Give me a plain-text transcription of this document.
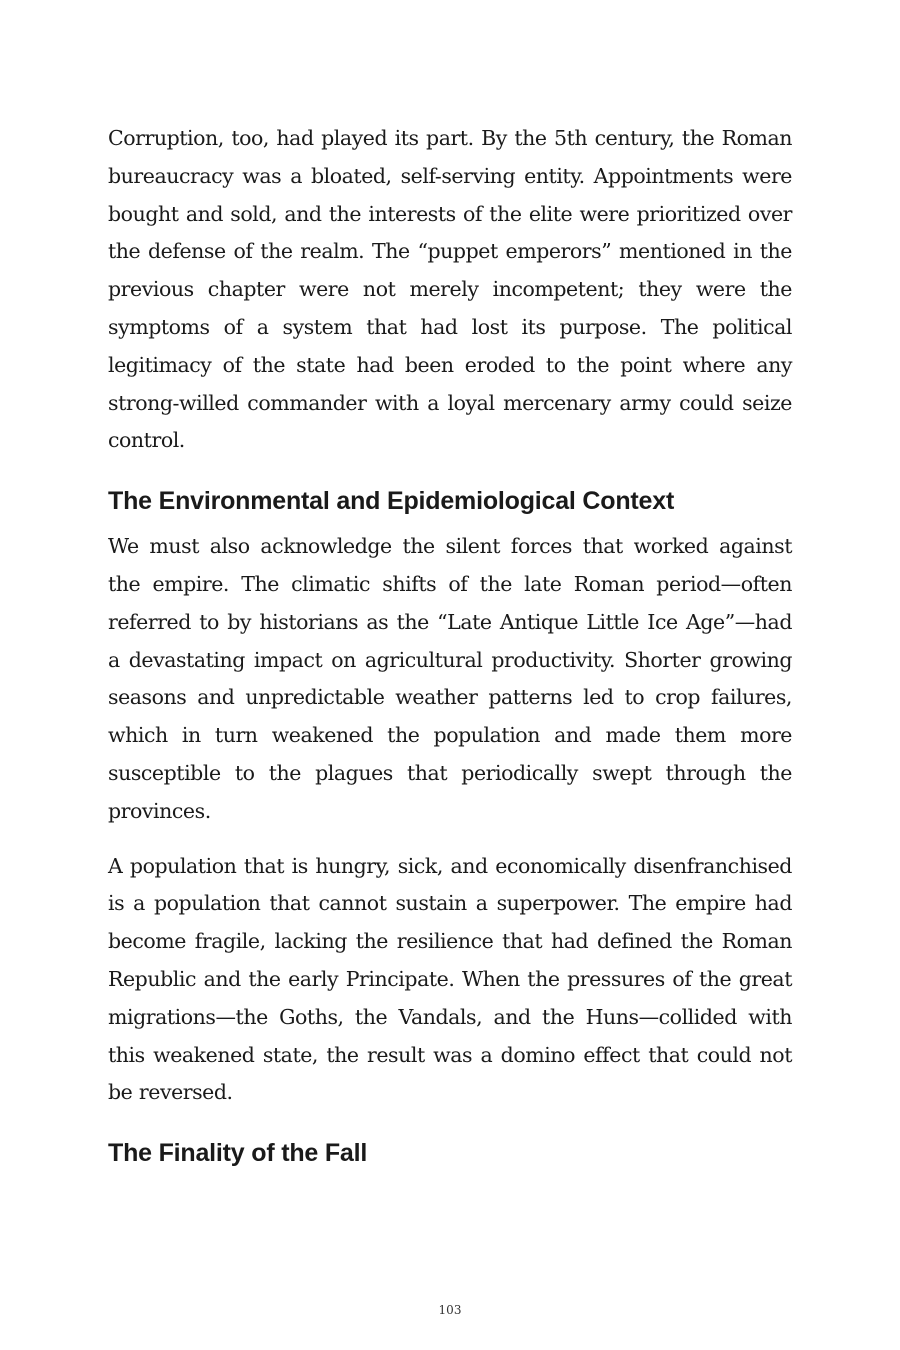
Corruption, too, had played its part. By the 5th century, the Roman bureaucracy was a bloated, self-serving entity. Appointments were bought and sold, and the interests of the elite were prioritized over the defense of the realm. The “puppet emperors” mentioned in the previous chapter were not merely incompetent; they were the symptoms of a system that had lost its purpose. The political legitimacy of the state had been eroded to the point where any strong-willed commander with a loyal mercenary army could seize control.

The Environmental and Epidemiological Context

We must also acknowledge the silent forces that worked against the empire. The climatic shifts of the late Roman period—often referred to by historians as the “Late Antique Little Ice Age”—had a devastating impact on agricultural productivity. Shorter growing seasons and unpredictable weather patterns led to crop failures, which in turn weakened the population and made them more susceptible to the plagues that periodically swept through the provinces.

A population that is hungry, sick, and economically disenfranchised is a population that cannot sustain a superpower. The empire had become fragile, lacking the resilience that had defined the Roman Republic and the early Principate. When the pressures of the great migrations—the Goths, the Vandals, and the Huns—collided with this weakened state, the result was a domino effect that could not be reversed.

The Finality of the Fall
103
